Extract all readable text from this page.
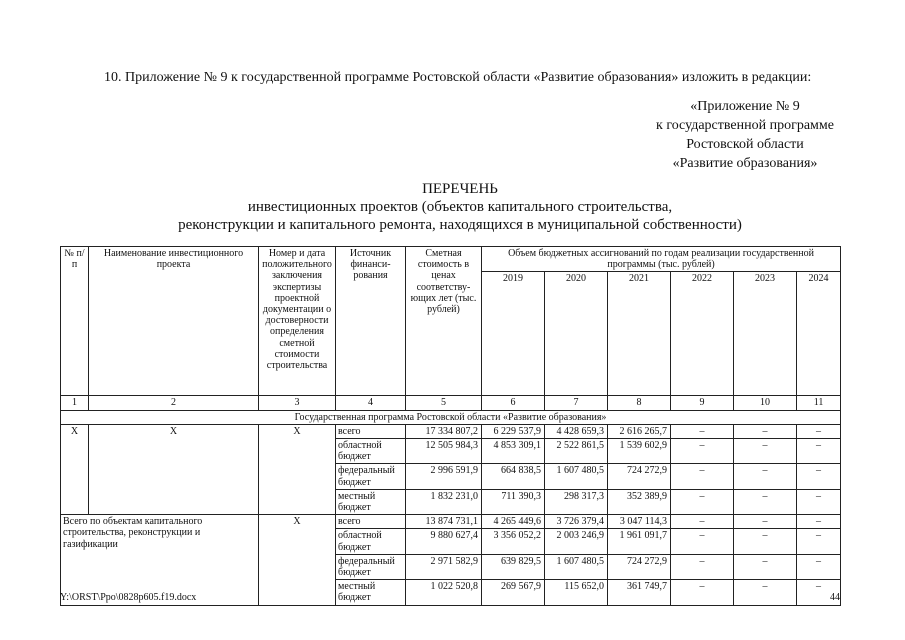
10. Приложение № 9 к государственной программе Ростовской области «Развитие образования» изложить в редакции:
«Приложение № 9
к государственной программе
Ростовской области
«Развитие образования»
ПЕРЕЧЕНЬ
инвестиционных проектов (объектов капитального строительства,
реконструкции и капитального ремонта, находящихся в муниципальной собственности)
№ п/п	Наименование инвестиционного проекта	Номер и дата положительного заключения экспертизы проектной документации о достоверности определения сметной стоимости строительства	Источник финанси-рования	Сметная стоимость в ценах соответству-ющих лет (тыс. рублей)	Объем бюджетных ассигнований по годам реализации государственной программы (тыс. рублей)					
					2019	2020	2021	2022	2023	2024
1	2	3	4	5	6	7	8	9	10	11
Государственная программа Ростовской области «Развитие образования»										
Х	Х	Х	всего	17 334 807,2	6 229 537,9	4 428 659,3	2 616 265,7	–	–	–
			областной бюджет	12 505 984,3	4 853 309,1	2 522 861,5	1 539 602,9	–	–	–
			федеральный бюджет	2 996 591,9	664 838,5	1 607 480,5	724 272,9	–	–	–
			местный бюджет	1 832 231,0	711 390,3	298 317,3	352 389,9	–	–	–
Всего по объектам капитального строительства, реконструкции и газификации		Х	всего	13 874 731,1	4 265 449,6	3 726 379,4	3 047 114,3	–	–	–
			областной бюджет	9 880 627,4	3 356 052,2	2 003 246,9	1 961 091,7	–	–	–
			федеральный бюджет	2 971 582,9	639 829,5	1 607 480,5	724 272,9	–	–	–
			местный бюджет	1 022 520,8	269 567,9	115 652,0	361 749,7	–	–	–
Y:\ORST\Ppo\0828p605.f19.docx	44
